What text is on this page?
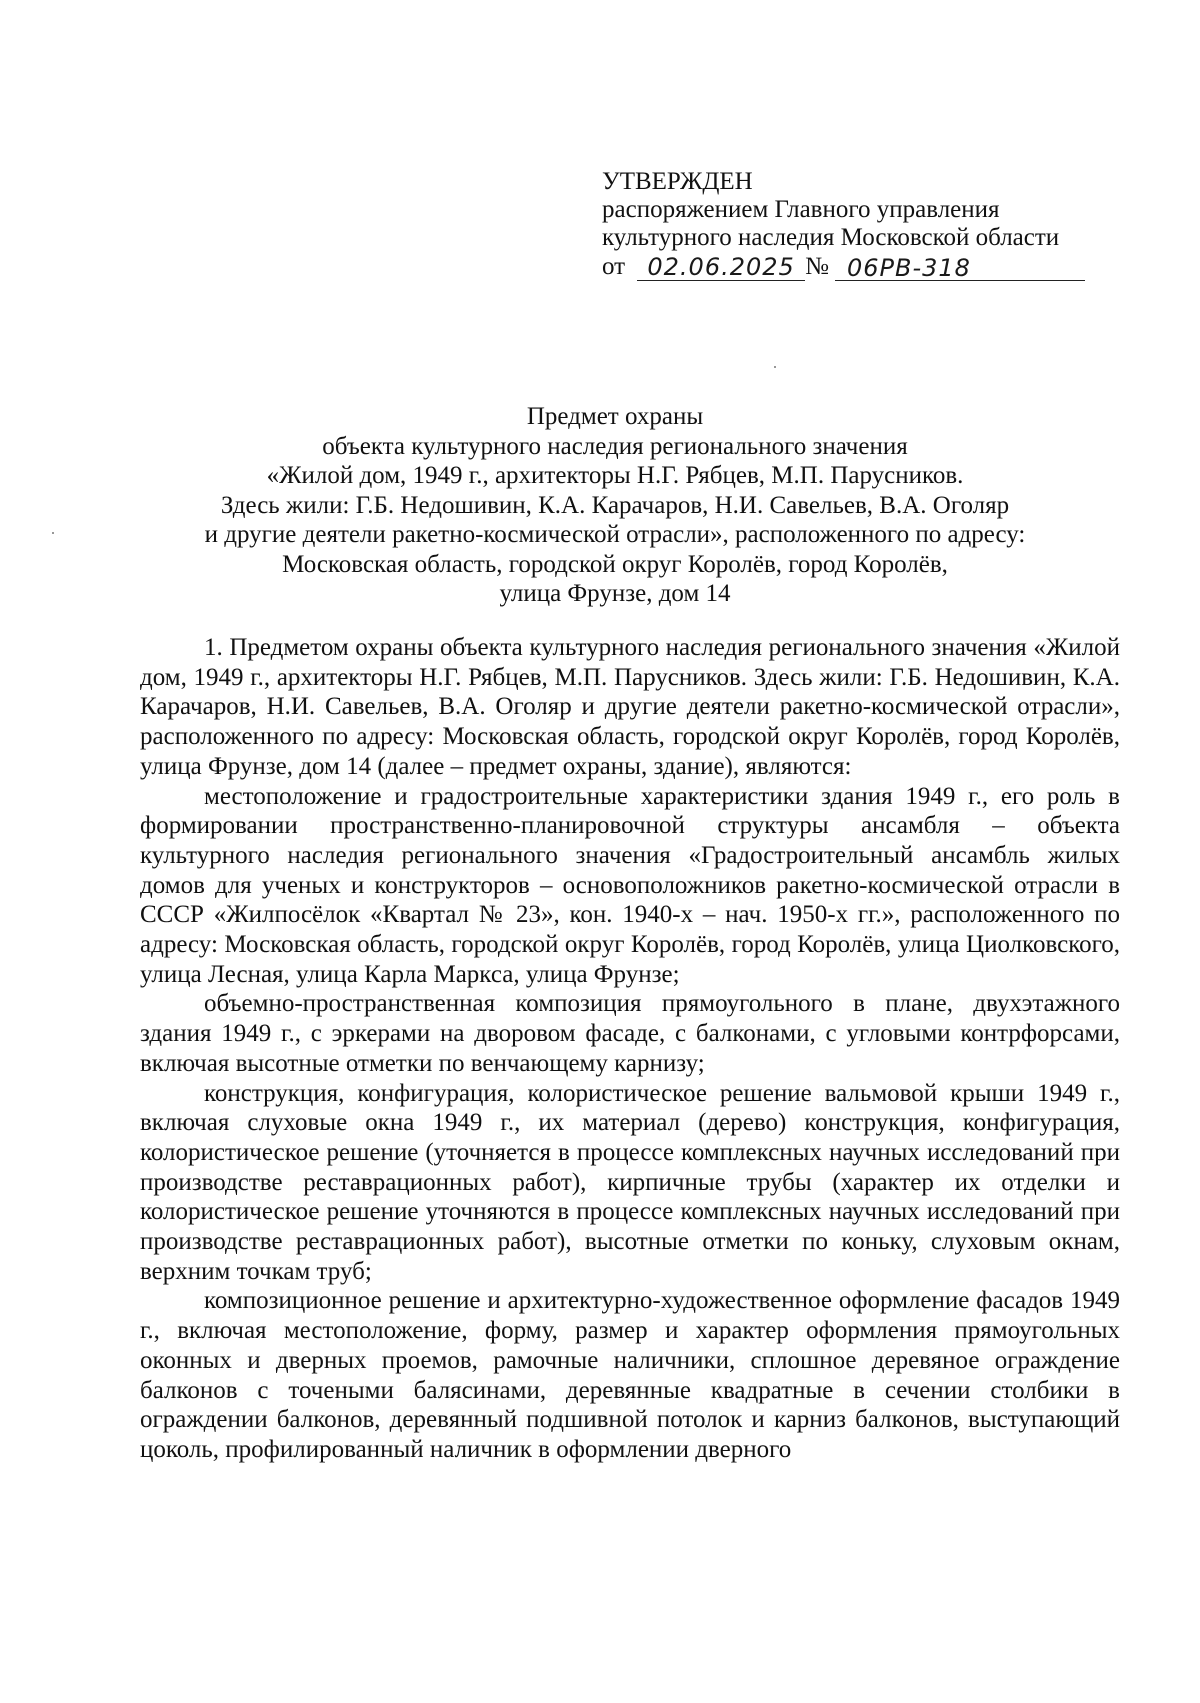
УТВЕРЖДЕН
распоряжением Главного управления
культурного наследия Московской области
от 02.06.2025 № 06РВ-318
Предмет охраны
объекта культурного наследия регионального значения
«Жилой дом, 1949 г., архитекторы Н.Г. Рябцев, М.П. Парусников.
Здесь жили: Г.Б. Недошивин, К.А. Карачаров, Н.И. Савельев, В.А. Оголяр
и другие деятели ракетно-космической отрасли», расположенного по адресу:
Московская область, городской округ Королёв, город Королёв,
улица Фрунзе, дом 14

1. Предметом охраны объекта культурного наследия регионального значения «Жилой дом, 1949 г., архитекторы Н.Г. Рябцев, М.П. Парусников. Здесь жили: Г.Б. Недошивин, К.А. Карачаров, Н.И. Савельев, В.А. Оголяр и другие деятели ракетно-космической отрасли», расположенного по адресу: Московская область, городской округ Королёв, город Королёв, улица Фрунзе, дом 14 (далее – предмет охраны, здание), являются:

местоположение и градостроительные характеристики здания 1949 г., его роль в формировании пространственно-планировочной структуры ансамбля – объекта культурного наследия регионального значения «Градостроительный ансамбль жилых домов для ученых и конструкторов – основоположников ракетно-космической отрасли в СССР «Жилпосёлок «Квартал № 23», кон. 1940-х – нач. 1950-х гг.», расположенного по адресу: Московская область, городской округ Королёв, город Королёв, улица Циолковского, улица Лесная, улица Карла Маркса, улица Фрунзе;

объемно-пространственная композиция прямоугольного в плане, двухэтажного здания 1949 г., с эркерами на дворовом фасаде, с балконами, с угловыми контрфорсами, включая высотные отметки по венчающему карнизу;

конструкция, конфигурация, колористическое решение вальмовой крыши 1949 г., включая слуховые окна 1949 г., их материал (дерево) конструкция, конфигурация, колористическое решение (уточняется в процессе комплексных научных исследований при производстве реставрационных работ), кирпичные трубы (характер их отделки и колористическое решение уточняются в процессе комплексных научных исследований при производстве реставрационных работ), высотные отметки по коньку, слуховым окнам, верхним точкам труб;

композиционное решение и архитектурно-художественное оформление фасадов 1949 г., включая местоположение, форму, размер и характер оформления прямоугольных оконных и дверных проемов, рамочные наличники, сплошное деревяное ограждение балконов с точеными балясинами, деревянные квадратные в сечении столбики в ограждении балконов, деревянный подшивной потолок и карниз балконов, выступающий цоколь, профилированный наличник в оформлении дверного
